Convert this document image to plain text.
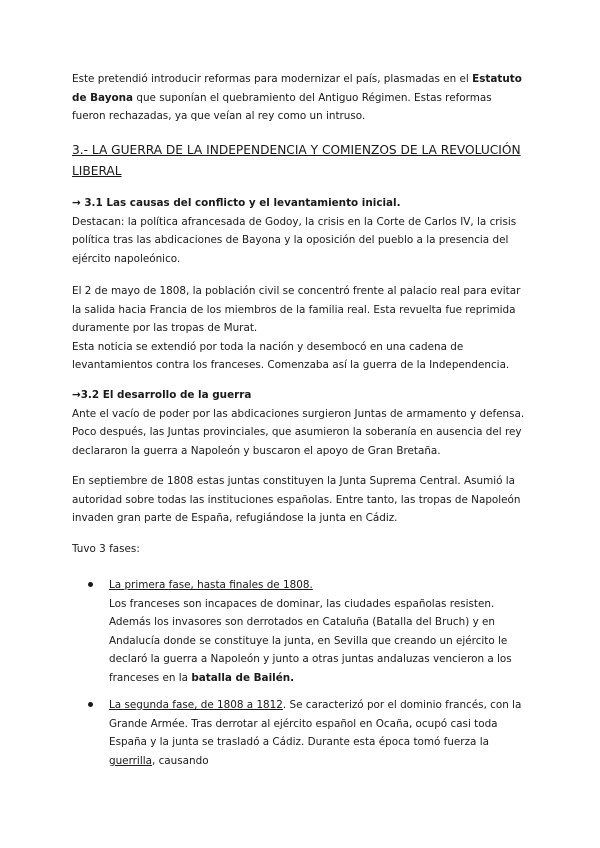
Este pretendió introducir reformas para modernizar el país, plasmadas en el Estatuto de Bayona que suponían el quebramiento del Antiguo Régimen. Estas reformas fueron rechazadas, ya que veían al rey como un intruso.
3.- LA GUERRA DE LA INDEPENDENCIA Y COMIENZOS DE LA REVOLUCIÓN LIBERAL
→ 3.1 Las causas del conflicto y el levantamiento inicial.
Destacan: la política afrancesada de Godoy, la crisis en la Corte de Carlos IV, la crisis política tras las abdicaciones de Bayona y la oposición del pueblo a la presencia del ejército napoleónico.
El 2 de mayo de 1808, la población civil se concentró frente al palacio real para evitar la salida hacia Francia de los miembros de la familia real. Esta revuelta fue reprimida duramente por las tropas de Murat.
Esta noticia se extendió por toda la nación y desembocó en una cadena de levantamientos contra los franceses. Comenzaba así la guerra de la Independencia.
→3.2 El desarrollo de la guerra
Ante el vacío de poder por las abdicaciones surgieron Juntas de armamento y defensa. Poco después, las Juntas provinciales, que asumieron la soberanía en ausencia del rey declararon la guerra a Napoleón y buscaron el apoyo de Gran Bretaña.
En septiembre de 1808 estas juntas constituyen la Junta Suprema Central. Asumió la autoridad sobre todas las instituciones españolas. Entre tanto, las tropas de Napoleón invaden gran parte de España, refugiándose la junta en Cádiz.
Tuvo 3 fases:
La primera fase, hasta finales de 1808.
Los franceses son incapaces de dominar, las ciudades españolas resisten. Además los invasores son derrotados en Cataluña (Batalla del Bruch) y en Andalucía donde se constituye la junta, en Sevilla que creando un ejército le declaró la guerra a Napoleón y junto a otras juntas andaluzas vencieron a los franceses en la batalla de Bailén.
La segunda fase, de 1808 a 1812. Se caracterizó por el dominio francés, con la Grande Armée. Tras derrotar al ejército español en Ocaña, ocupó casi toda España y la junta se trasladó a Cádiz. Durante esta época tomó fuerza la guerrilla, causando
